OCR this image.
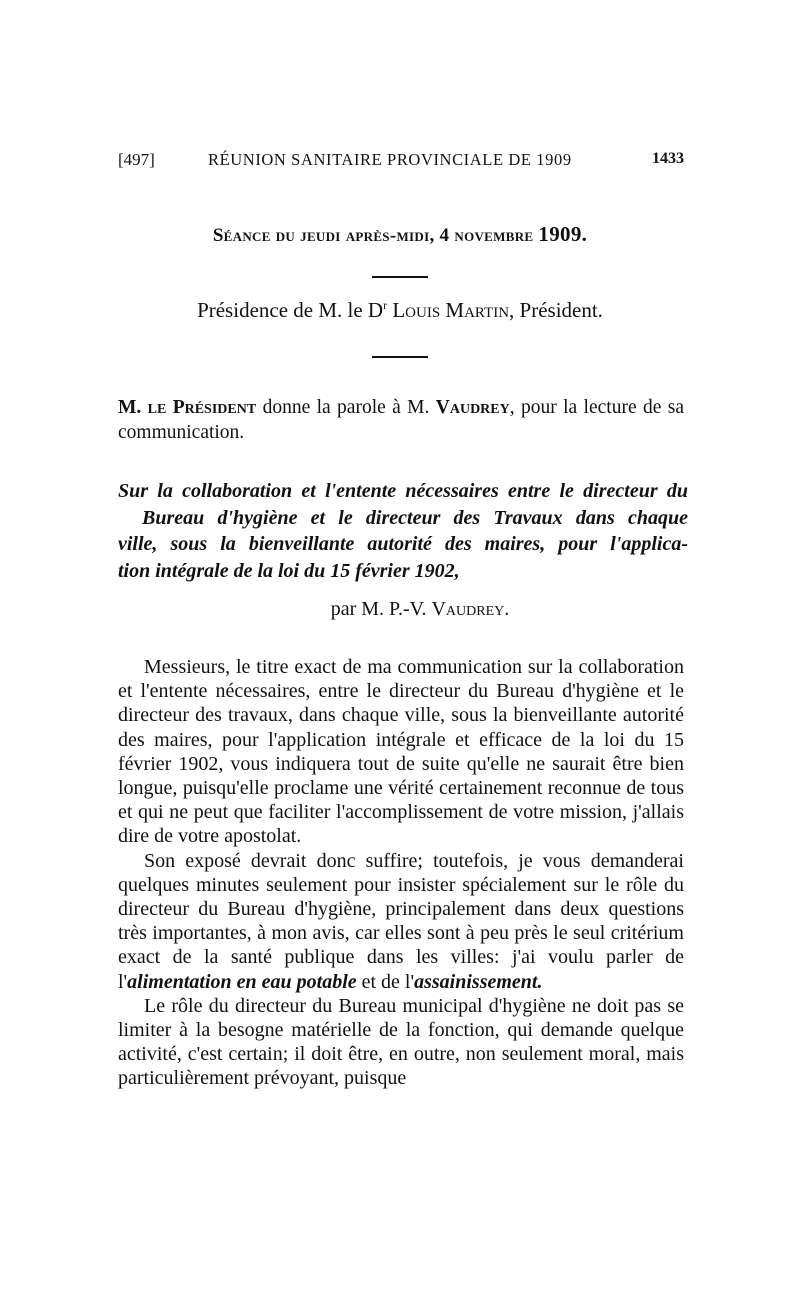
[497]	RÉUNION SANITAIRE PROVINCIALE DE 1909	1433
Séance du jeudi après-midi, 4 novembre 1909.
Présidence de M. le $D^r$ Louis Martin, Président.
M. le Président donne la parole à M. Vaudrey, pour la lecture de sa communication.
Sur la collaboration et l'entente nécessaires entre le directeur du
Bureau d'hygiène et le directeur des Travaux dans chaque
ville, sous la bienveillante autorité des maires, pour l'applica-
tion intégrale de la loi du 15 février 1902,
par M. P.-V. Vaudrey.

Messieurs, le titre exact de ma communication sur la collaboration et l'entente nécessaires, entre le directeur du Bureau d'hygiène et le directeur des travaux, dans chaque ville, sous la bienveillante autorité des maires, pour l'application intégrale et efficace de la loi du 15 février 1902, vous indiquera tout de suite qu'elle ne saurait être bien longue, puisqu'elle proclame une vérité certainement reconnue de tous et qui ne peut que faciliter l'accomplissement de votre mission, j'allais dire de votre apostolat.

Son exposé devrait donc suffire; toutefois, je vous demanderai quelques minutes seulement pour insister spécialement sur le rôle du directeur du Bureau d'hygiène, principalement dans deux questions très importantes, à mon avis, car elles sont à peu près le seul critérium exact de la santé publique dans les villes: j'ai voulu parler de l'alimentation en eau potable et de l'assainissement.

Le rôle du directeur du Bureau municipal d'hygiène ne doit pas se limiter à la besogne matérielle de la fonction, qui demande quelque activité, c'est certain; il doit être, en outre, non seulement moral, mais particulièrement prévoyant, puisque
